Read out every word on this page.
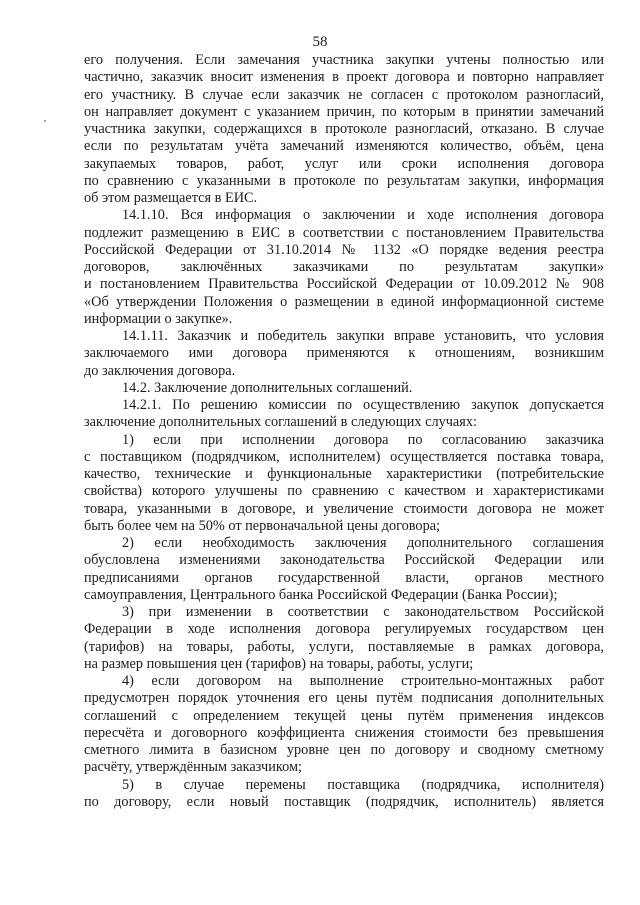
58
его получения. Если замечания участника закупки учтены полностью или
частично, заказчик вносит изменения в проект договора и повторно направляет
его участнику. В случае если заказчик не согласен с протоколом разногласий,
он направляет документ с указанием причин, по которым в принятии замечаний
участника закупки, содержащихся в протоколе разногласий, отказано. В случае
если по результатам учёта замечаний изменяются количество, объём, цена
закупаемых товаров, работ, услуг или сроки исполнения договора
по сравнению с указанными в протоколе по результатам закупки, информация
об этом размещается в ЕИС.
14.1.10. Вся информация о заключении и ходе исполнения договора
подлежит размещению в ЕИС в соответствии с постановлением Правительства
Российской Федерации от 31.10.2014 № 1132 «О порядке ведения реестра
договоров, заключённых заказчиками по результатам закупки»
и постановлением Правительства Российской Федерации от 10.09.2012 № 908
«Об утверждении Положения о размещении в единой информационной системе
информации о закупке».
14.1.11. Заказчик и победитель закупки вправе установить, что условия
заключаемого ими договора применяются к отношениям, возникшим
до заключения договора.
14.2. Заключение дополнительных соглашений.
14.2.1. По решению комиссии по осуществлению закупок допускается
заключение дополнительных соглашений в следующих случаях:
1) если при исполнении договора по согласованию заказчика
с поставщиком (подрядчиком, исполнителем) осуществляется поставка товара,
качество, технические и функциональные характеристики (потребительские
свойства) которого улучшены по сравнению с качеством и характеристиками
товара, указанными в договоре, и увеличение стоимости договора не может
быть более чем на 50% от первоначальной цены договора;
2) если необходимость заключения дополнительного соглашения
обусловлена изменениями законодательства Российской Федерации или
предписаниями органов государственной власти, органов местного
самоуправления, Центрального банка Российской Федерации (Банка России);
3) при изменении в соответствии с законодательством Российской
Федерации в ходе исполнения договора регулируемых государством цен
(тарифов) на товары, работы, услуги, поставляемые в рамках договора,
на размер повышения цен (тарифов) на товары, работы, услуги;
4) если договором на выполнение строительно-монтажных работ
предусмотрен порядок уточнения его цены путём подписания дополнительных
соглашений с определением текущей цены путём применения индексов
пересчёта и договорного коэффициента снижения стоимости без превышения
сметного лимита в базисном уровне цен по договору и сводному сметному
расчёту, утверждённым заказчиком;
5) в случае перемены поставщика (подрядчика, исполнителя)
по договору, если новый поставщик (подрядчик, исполнитель) является
